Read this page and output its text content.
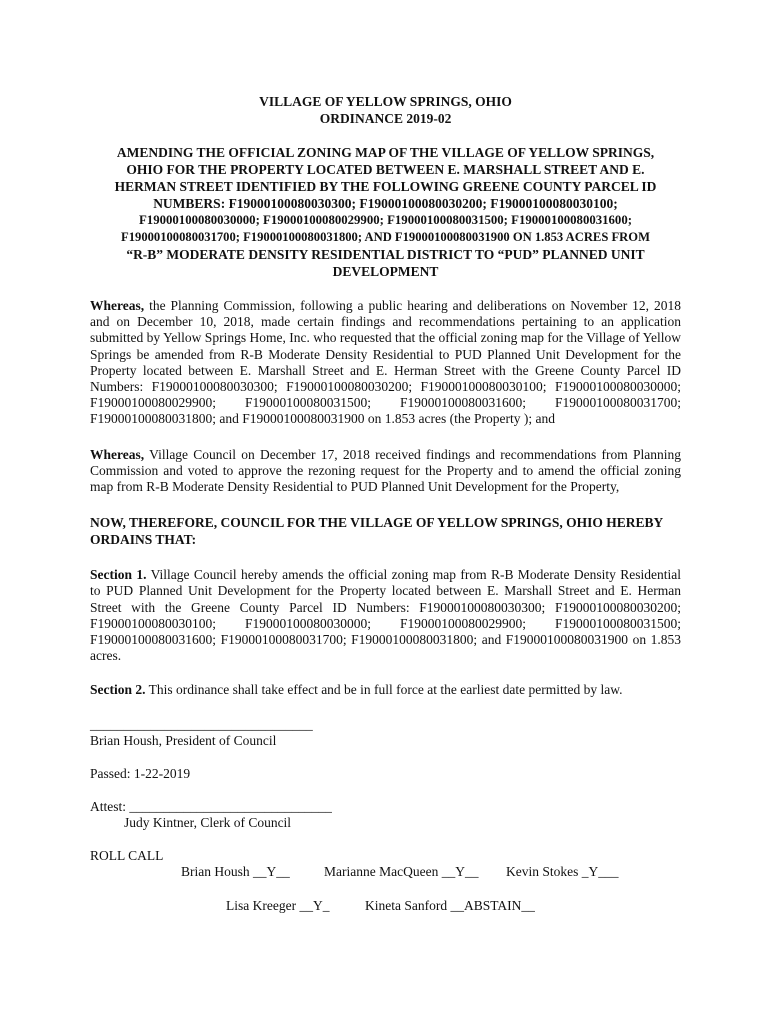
VILLAGE OF YELLOW SPRINGS, OHIO
ORDINANCE 2019-02
AMENDING THE OFFICIAL ZONING MAP OF THE VILLAGE OF YELLOW SPRINGS,
OHIO FOR THE PROPERTY LOCATED BETWEEN E. MARSHALL STREET AND E.
HERMAN STREET IDENTIFIED BY THE FOLLOWING GREENE COUNTY PARCEL ID
NUMBERS: F19000100080030300; F19000100080030200; F19000100080030100;
F19000100080030000; F19000100080029900; F19000100080031500; F19000100080031600;
F19000100080031700; F19000100080031800; AND F19000100080031900 ON 1.853 ACRES FROM
“R-B” MODERATE DENSITY RESIDENTIAL DISTRICT TO “PUD” PLANNED UNIT
DEVELOPMENT
Whereas, the Planning Commission, following a public hearing and deliberations on November 12, 2018 and on December 10, 2018, made certain findings and recommendations pertaining to an application submitted by Yellow Springs Home, Inc. who requested that the official zoning map for the Village of Yellow Springs be amended from R-B Moderate Density Residential to PUD Planned Unit Development for the Property located between E. Marshall Street and E. Herman Street with the Greene County Parcel ID Numbers: F19000100080030300; F19000100080030200; F19000100080030100; F19000100080030000; F19000100080029900; F19000100080031500; F19000100080031600; F19000100080031700; F19000100080031800; and F19000100080031900 on 1.853 acres (the Property ); and
Whereas, Village Council on December 17, 2018 received findings and recommendations from Planning Commission and voted to approve the rezoning request for the Property and to amend the official zoning map from R-B Moderate Density Residential to PUD Planned Unit Development for the Property,
NOW, THEREFORE, COUNCIL FOR THE VILLAGE OF YELLOW SPRINGS, OHIO HEREBY ORDAINS THAT:
Section 1. Village Council hereby amends the official zoning map from R-B Moderate Density Residential to PUD Planned Unit Development for the Property located between E. Marshall Street and E. Herman Street with the Greene County Parcel ID Numbers: F19000100080030300; F19000100080030200; F19000100080030100; F19000100080030000; F19000100080029900; F19000100080031500; F19000100080031600; F19000100080031700; F19000100080031800; and F19000100080031900 on 1.853 acres.
Section 2. This ordinance shall take effect and be in full force at the earliest date permitted by law.
_________________________________
Brian Housh, President of Council
Passed: 1-22-2019
Attest: ______________________________
Judy Kintner, Clerk of Council
ROLL CALL
Brian Housh __Y__	Marianne MacQueen __Y__ Kevin Stokes _Y___
Lisa Kreeger __Y_	Kineta Sanford __ABSTAIN__
